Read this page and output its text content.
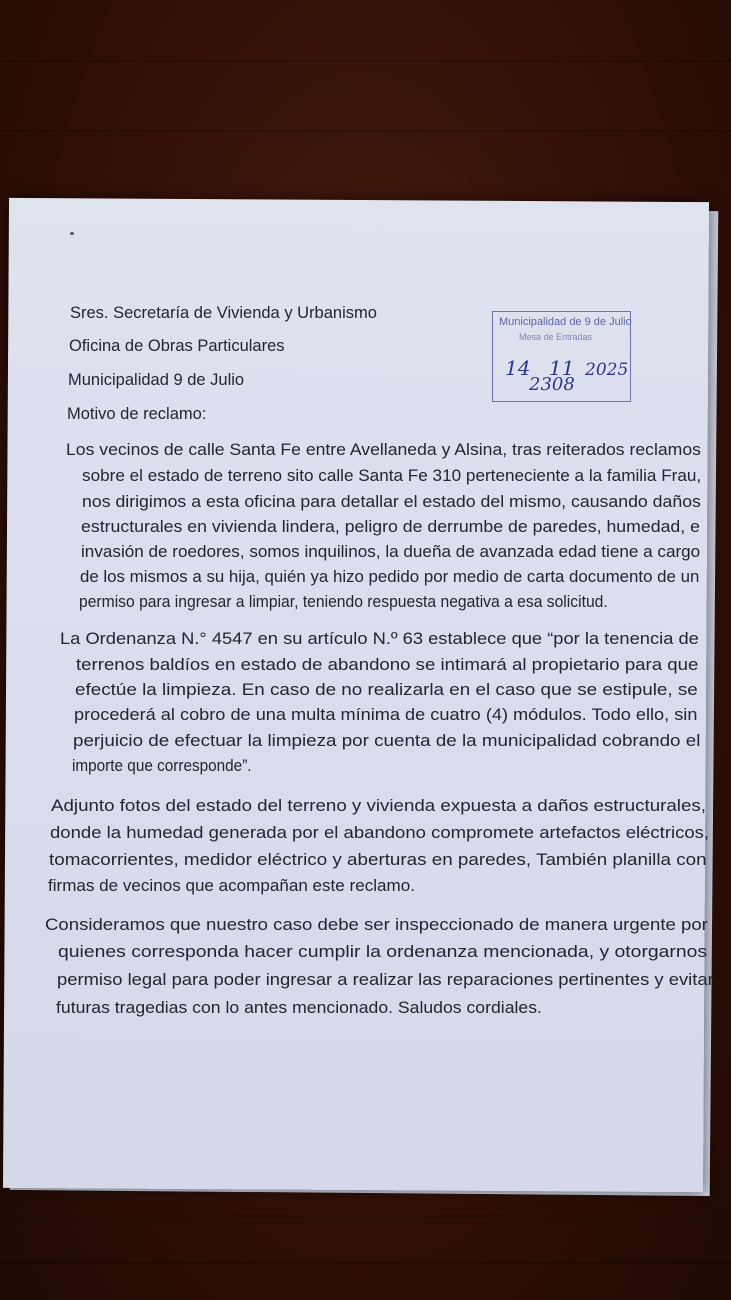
Sres. Secretaría de Vivienda y Urbanismo

Oficina de Obras Particulares

Municipalidad 9 de Julio

Motivo de reclamo:

Los vecinos de calle Santa Fe entre Avellaneda y Alsina, tras reiterados reclamos

sobre el estado de terreno sito calle Santa Fe 310 perteneciente a la familia Frau,

nos dirigimos a esta oficina para detallar el estado del mismo, causando daños

estructurales en vivienda lindera, peligro de derrumbe de paredes, humedad, e

invasión de roedores, somos inquilinos, la dueña de avanzada edad tiene a cargo

de los mismos a su hija, quién ya hizo pedido por medio de carta documento de un

permiso para ingresar a limpiar, teniendo respuesta negativa a esa solicitud.

La Ordenanza N.° 4547 en su artículo N.º 63 establece que “por la tenencia de

terrenos baldíos en estado de abandono se intimará al propietario para que

efectúe la limpieza. En caso de no realizarla en el caso que se estipule, se

procederá al cobro de una multa mínima de cuatro (4) módulos. Todo ello, sin

perjuicio de efectuar la limpieza por cuenta de la municipalidad cobrando el

importe que corresponde”.

Adjunto fotos del estado del terreno y vivienda expuesta a daños estructurales,

donde la humedad generada por el abandono compromete artefactos eléctricos,

tomacorrientes, medidor eléctrico y aberturas en paredes, También planilla con

firmas de vecinos que acompañan este reclamo.

Consideramos que nuestro caso debe ser inspeccionado de manera urgente por

quienes corresponda hacer cumplir la ordenanza mencionada, y otorgarnos

permiso legal para poder ingresar a realizar las reparaciones pertinentes y evitar

futuras tragedias con lo antes mencionado. Saludos cordiales.

Municipalidad de 9 de Julio
Mesa de Entradas
14 11 2025
2308
